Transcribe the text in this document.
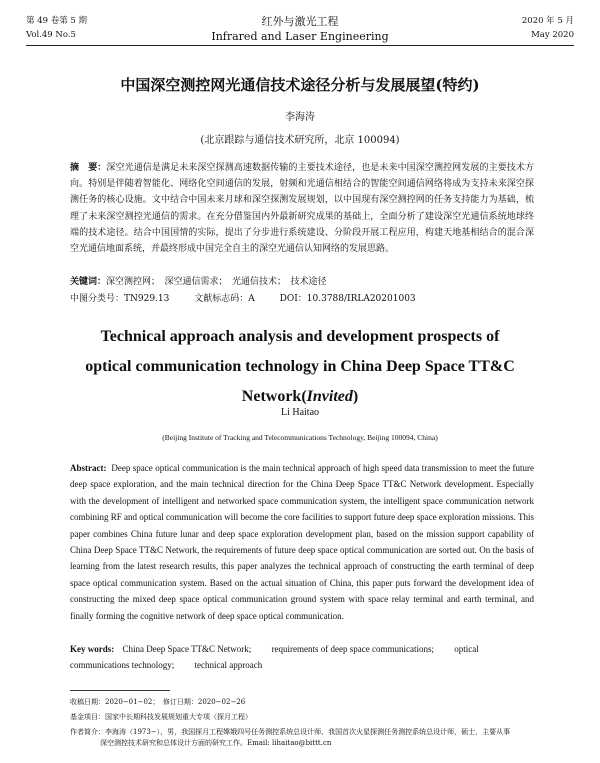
第 49 卷第 5 期
Vol.49 No.5
红外与激光工程
Infrared and Laser Engineering
2020 年 5 月
May 2020
中国深空测控网光通信技术途径分析与发展展望(特约)
李海涛
(北京跟踪与通信技术研究所，北京 100094)
摘　要：深空光通信是满足未来深空探测高速数据传输的主要技术途径，也是未来中国深空测控网发展的主要技术方向。特别是伴随着智能化、网络化空间通信的发展，射频和光通信相结合的智能空间通信网络将成为支持未来深空探测任务的核心设施。文中结合中国未来月球和深空探测发展规划，以中国现有深空测控网的任务支持能力为基础，梳理了未来深空测控光通信的需求。在充分借鉴国内外最新研究成果的基础上，全面分析了建设深空光通信系统地球终端的技术途径。结合中国国情的实际，提出了分步进行系统建设、分阶段开展工程应用，构建天地基相结合的混合深空光通信地面系统，并最终形成中国完全自主的深空光通信认知网络的发展思路。
关键词：深空测控网；　深空通信需求；　光通信技术；　技术途径
中图分类号：TN929.13	文献标志码：A	DOI：10.3788/IRLA20201003
Technical approach analysis and development prospects of optical communication technology in China Deep Space TT&C Network(Invited)
Li Haitao
(Beijing Institute of Tracking and Telecommunications Technology, Beijing 100094, China)
Abstract: Deep space optical communication is the main technical approach of high speed data transmission to meet the future deep space exploration, and the main technical direction for the China Deep Space TT&C Network development. Especially with the development of intelligent and networked space communication system, the intelligent space communication network combining RF and optical communication will become the core facilities to support future deep space exploration missions. This paper combines China future lunar and deep space exploration development plan, based on the mission support capability of China Deep Space TT&C Network, the requirements of future deep space optical communication are sorted out. On the basis of learning from the latest research results, this paper analyzes the technical approach of constructing the earth terminal of deep space optical communication system. Based on the actual situation of China, this paper puts forward the development idea of constructing the mixed deep space optical communication ground system with space relay terminal and earth terminal, and finally forming the cognitive network of deep space optical communication.
Key words: China Deep Space TT&C Network; requirements of deep space communications; optical communications technology; technical approach
收稿日期：2020−01−02；　修订日期：2020−02−26
基金项目：国家中长期科技发展规划重大专项（探月工程）
作者简介：李海涛（1973−），男，我国探月工程嫦娥四号任务测控系统总设计师、我国首次火星探测任务测控系统总设计师，硕士，主要从事
深空测控技术研究和总体设计方面的研究工作。Email: lihaitao@bittt.cn
